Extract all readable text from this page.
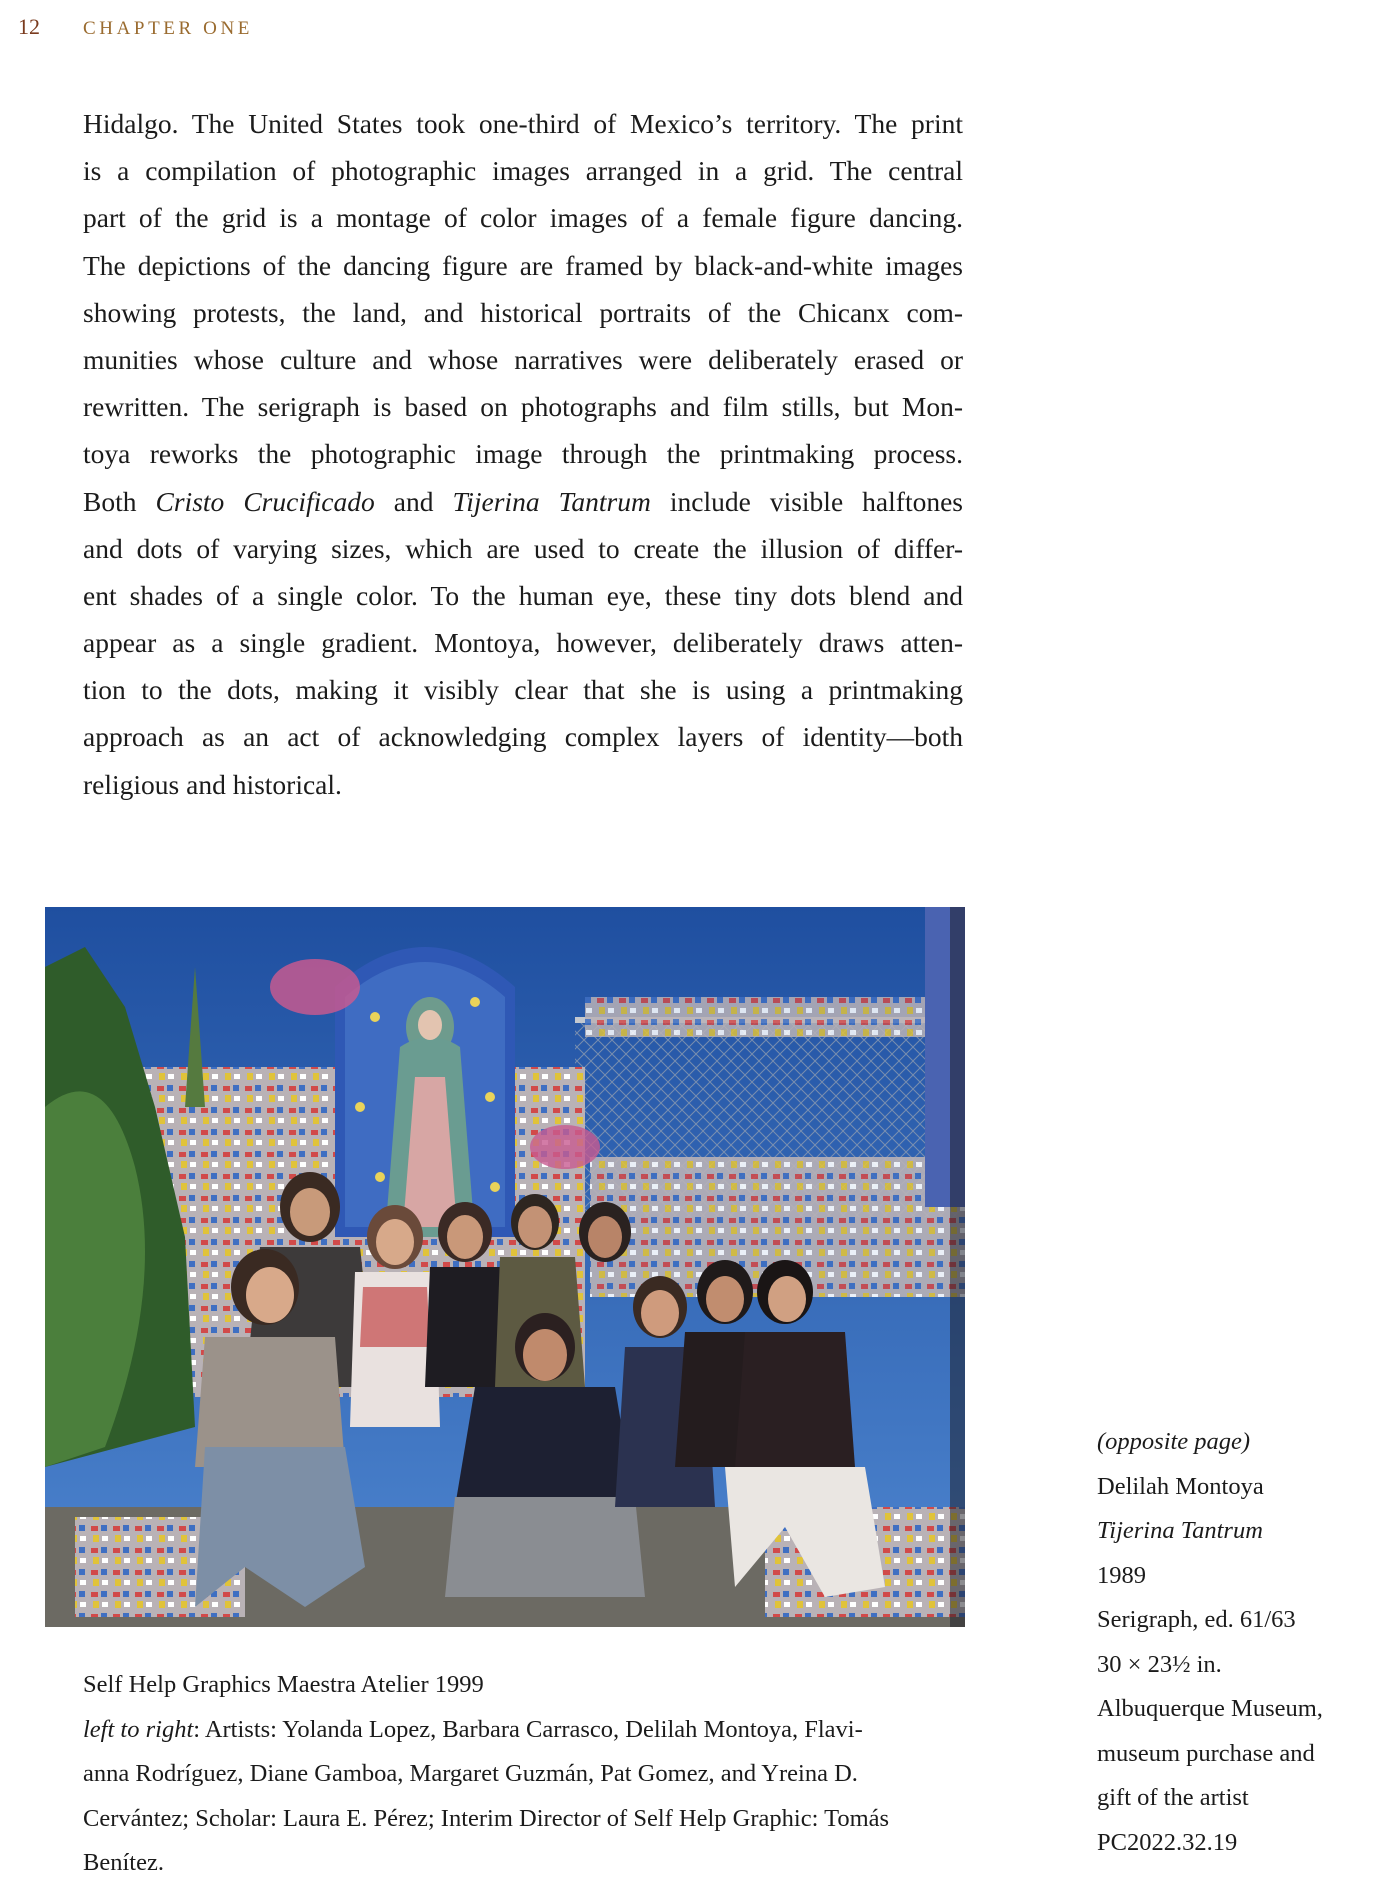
12	CHAPTER ONE
Hidalgo. The United States took one-third of Mexico’s territory. The print
is a compilation of photographic images arranged in a grid. The central
part of the grid is a montage of color images of a female figure dancing.
The depictions of the dancing figure are framed by black-and-white images
showing protests, the land, and historical portraits of the Chicanx com-
munities whose culture and whose narratives were deliberately erased or
rewritten. The serigraph is based on photographs and film stills, but Mon-
toya reworks the photographic image through the printmaking process.
Both Cristo Crucificado and Tijerina Tantrum include visible halftones
and dots of varying sizes, which are used to create the illusion of differ-
ent shades of a single color. To the human eye, these tiny dots blend and
appear as a single gradient. Montoya, however, deliberately draws atten-
tion to the dots, making it visibly clear that she is using a printmaking
approach as an act of acknowledging complex layers of identity—both
religious and historical.
Self Help Graphics Maestra Atelier 1999
left to right: Artists: Yolanda Lopez, Barbara Carrasco, Delilah Montoya, Flavi-
anna Rodríguez, Diane Gamboa, Margaret Guzmán, Pat Gomez, and Yreina D.
Cervántez; Scholar: Laura E. Pérez; Interim Director of Self Help Graphic: Tomás
Benítez.
(opposite page)
Delilah Montoya
Tijerina Tantrum
1989
Serigraph, ed. 61/63
30 × 23½ in.
Albuquerque Museum,
museum purchase and
gift of the artist
PC2022.32.19
